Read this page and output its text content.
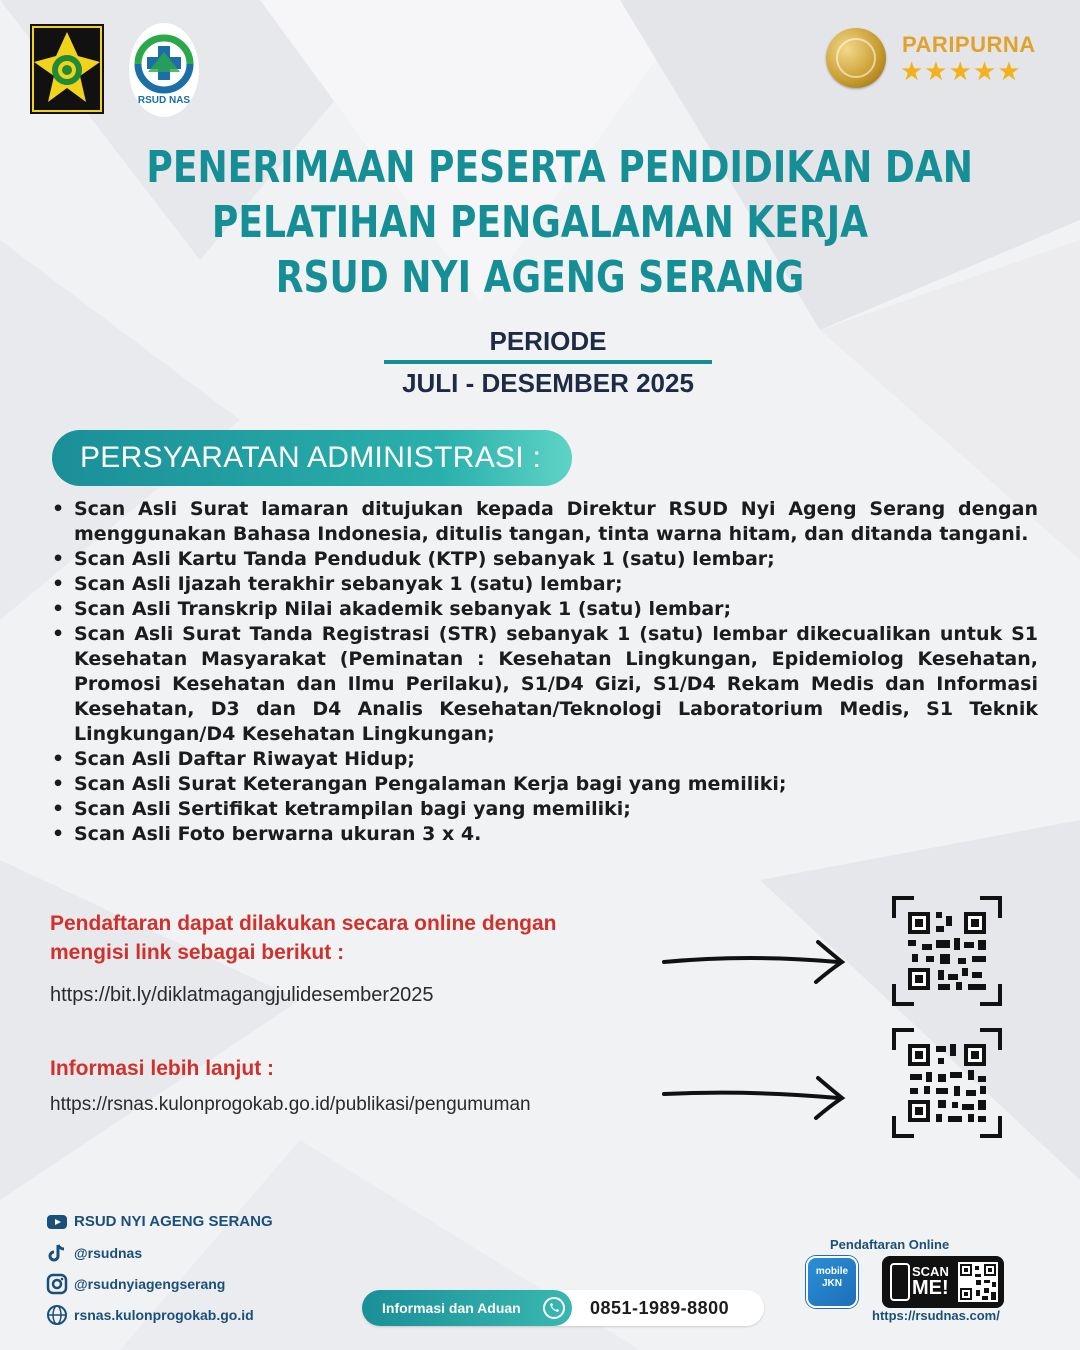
RSUD NAS
PARIPURNA
★★★★★
PENERIMAAN PESERTA PENDIDIKAN DAN
PELATIHAN PENGALAMAN KERJA
RSUD NYI AGENG SERANG
PERIODE
JULI - DESEMBER 2025
PERSYARATAN ADMINISTRASI :
• Scan Asli Surat lamaran ditujukan kepada Direktur RSUD Nyi Ageng Serang dengan menggunakan Bahasa Indonesia, ditulis tangan, tinta warna hitam, dan ditanda tangani.
• Scan Asli Kartu Tanda Penduduk (KTP) sebanyak 1 (satu) lembar;
• Scan Asli Ijazah terakhir sebanyak 1 (satu) lembar;
• Scan Asli Transkrip Nilai akademik sebanyak 1 (satu) lembar;
• Scan Asli Surat Tanda Registrasi (STR) sebanyak 1 (satu) lembar dikecualikan untuk S1 Kesehatan Masyarakat (Peminatan : Kesehatan Lingkungan, Epidemiolog Kesehatan, Promosi Kesehatan dan Ilmu Perilaku), S1/D4 Gizi, S1/D4 Rekam Medis dan Informasi Kesehatan, D3 dan D4 Analis Kesehatan/Teknologi Laboratorium Medis, S1 Teknik Lingkungan/D4 Kesehatan Lingkungan;
• Scan Asli Daftar Riwayat Hidup;
• Scan Asli Surat Keterangan Pengalaman Kerja bagi yang memiliki;
• Scan Asli Sertifikat ketrampilan bagi yang memiliki;
• Scan Asli Foto berwarna ukuran 3 x 4.
Pendaftaran dapat dilakukan secara online dengan
mengisi link sebagai berikut :
https://bit.ly/diklatmagangjulidesember2025
Informasi lebih lanjut :
https://rsnas.kulonprogokab.go.id/publikasi/pengumuman
RSUD NYI AGENG SERANG
@rsudnas
@rsudnyiagengserang
rsnas.kulonprogokab.go.id	Informasi dan Aduan	0851-1989-8800
Pendaftaran Online
mobile JKN
SCAN
ME!
https://rsudnas.com/
